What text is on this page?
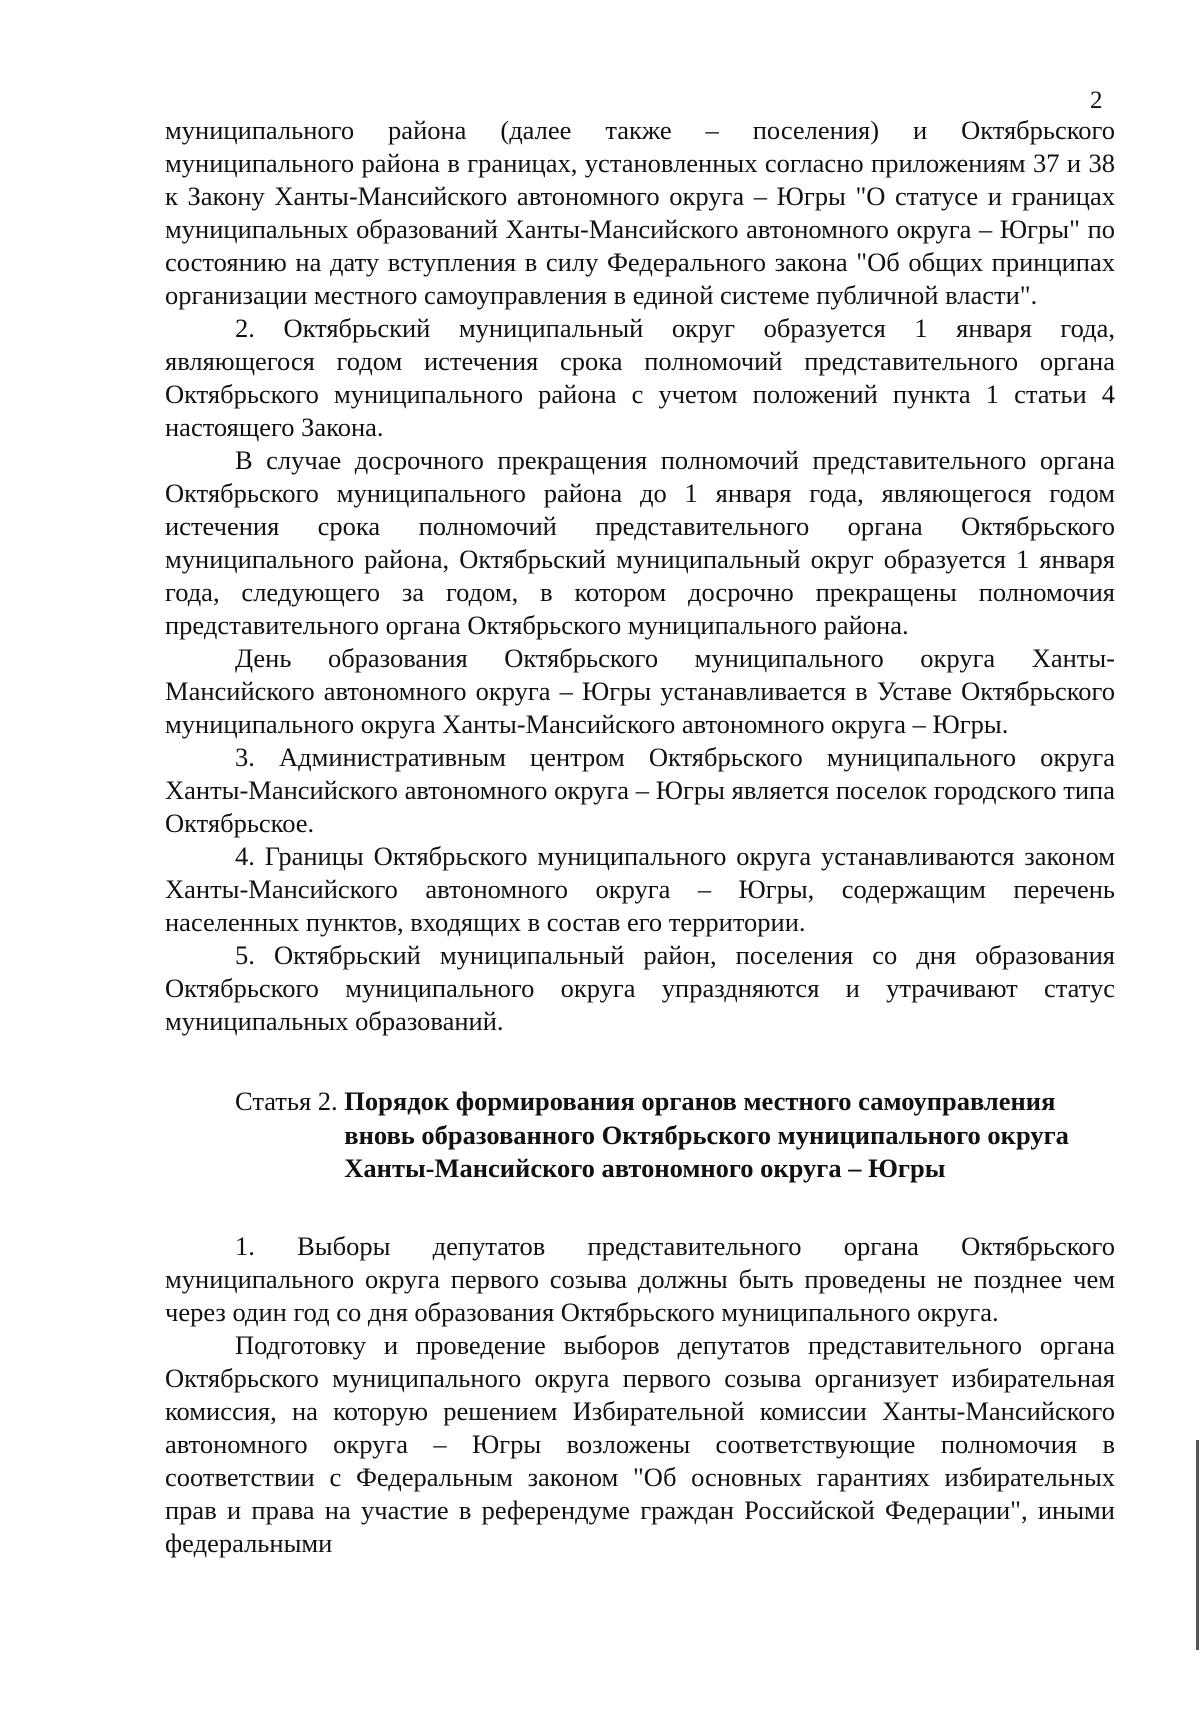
2

муниципального района (далее также – поселения) и Октябрьского муниципального района в границах, установленных согласно приложениям 37 и 38 к Закону Ханты-Мансийского автономного округа – Югры "О статусе и границах муниципальных образований Ханты-Мансийского автономного округа – Югры" по состоянию на дату вступления в силу Федерального закона "Об общих принципах организации местного самоуправления в единой системе публичной власти".

2. Октябрьский муниципальный округ образуется 1 января года, являющегося годом истечения срока полномочий представительного органа Октябрьского муниципального района с учетом положений пункта 1 статьи 4 настоящего Закона.

В случае досрочного прекращения полномочий представительного органа Октябрьского муниципального района до 1 января года, являющегося годом истечения срока полномочий представительного органа Октябрьского муниципального района, Октябрьский муниципальный округ образуется 1 января года, следующего за годом, в котором досрочно прекращены полномочия представительного органа Октябрьского муниципального района.

День образования Октябрьского муниципального округа Ханты-Мансийского автономного округа – Югры устанавливается в Уставе Октябрьского муниципального округа Ханты-Мансийского автономного округа – Югры.

3. Административным центром Октябрьского муниципального округа Ханты-Мансийского автономного округа – Югры является поселок городского типа Октябрьское.

4. Границы Октябрьского муниципального округа устанавливаются законом Ханты-Мансийского автономного округа – Югры, содержащим перечень населенных пунктов, входящих в состав его территории.

5. Октябрьский муниципальный район, поселения со дня образования Октябрьского муниципального округа упраздняются и утрачивают статус муниципальных образований.

Статья 2. Порядок формирования органов местного самоуправления вновь образованного Октябрьского муниципального округа Ханты-Мансийского автономного округа – Югры

1. Выборы депутатов представительного органа Октябрьского муниципального округа первого созыва должны быть проведены не позднее чем через один год со дня образования Октябрьского муниципального округа.

Подготовку и проведение выборов депутатов представительного органа Октябрьского муниципального округа первого созыва организует избирательная комиссия, на которую решением Избирательной комиссии Ханты-Мансийского автономного округа – Югры возложены соответствующие полномочия в соответствии с Федеральным законом "Об основных гарантиях избирательных прав и права на участие в референдуме граждан Российской Федерации", иными федеральными
